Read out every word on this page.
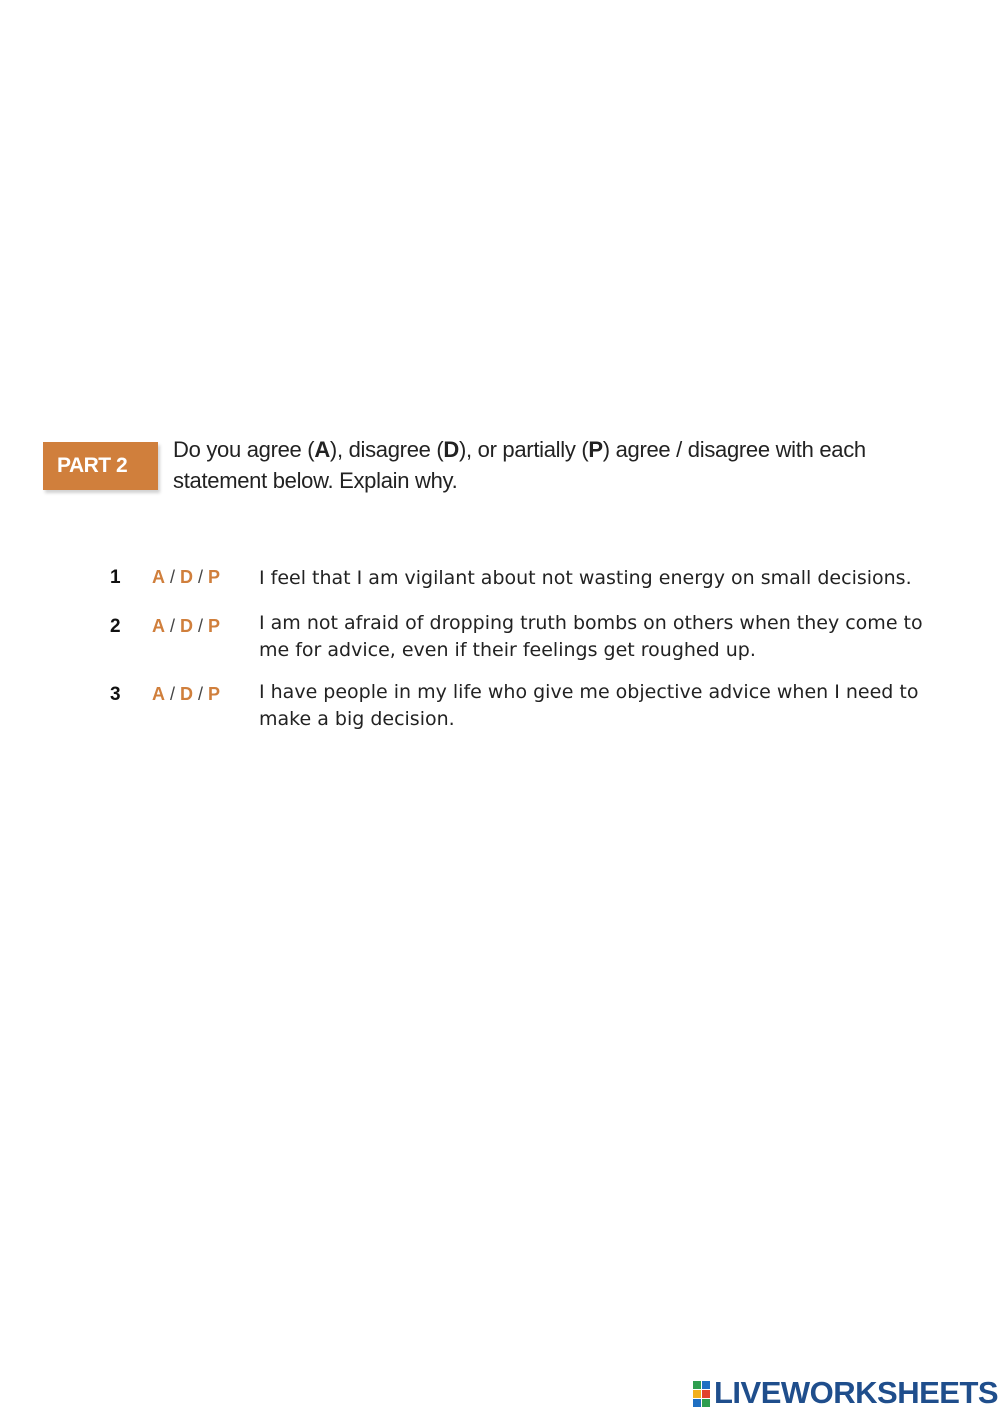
PART 2
Do you agree (A), disagree (D), or partially (P) agree / disagree with each statement below. Explain why.
1 A / D / P I feel that I am vigilant about not wasting energy on small decisions.
2 A / D / P I am not afraid of dropping truth bombs on others when they come to me for advice, even if their feelings get roughed up.
3 A / D / P I have people in my life who give me objective advice when I need to make a big decision.
LIVEWORKSHEETS
